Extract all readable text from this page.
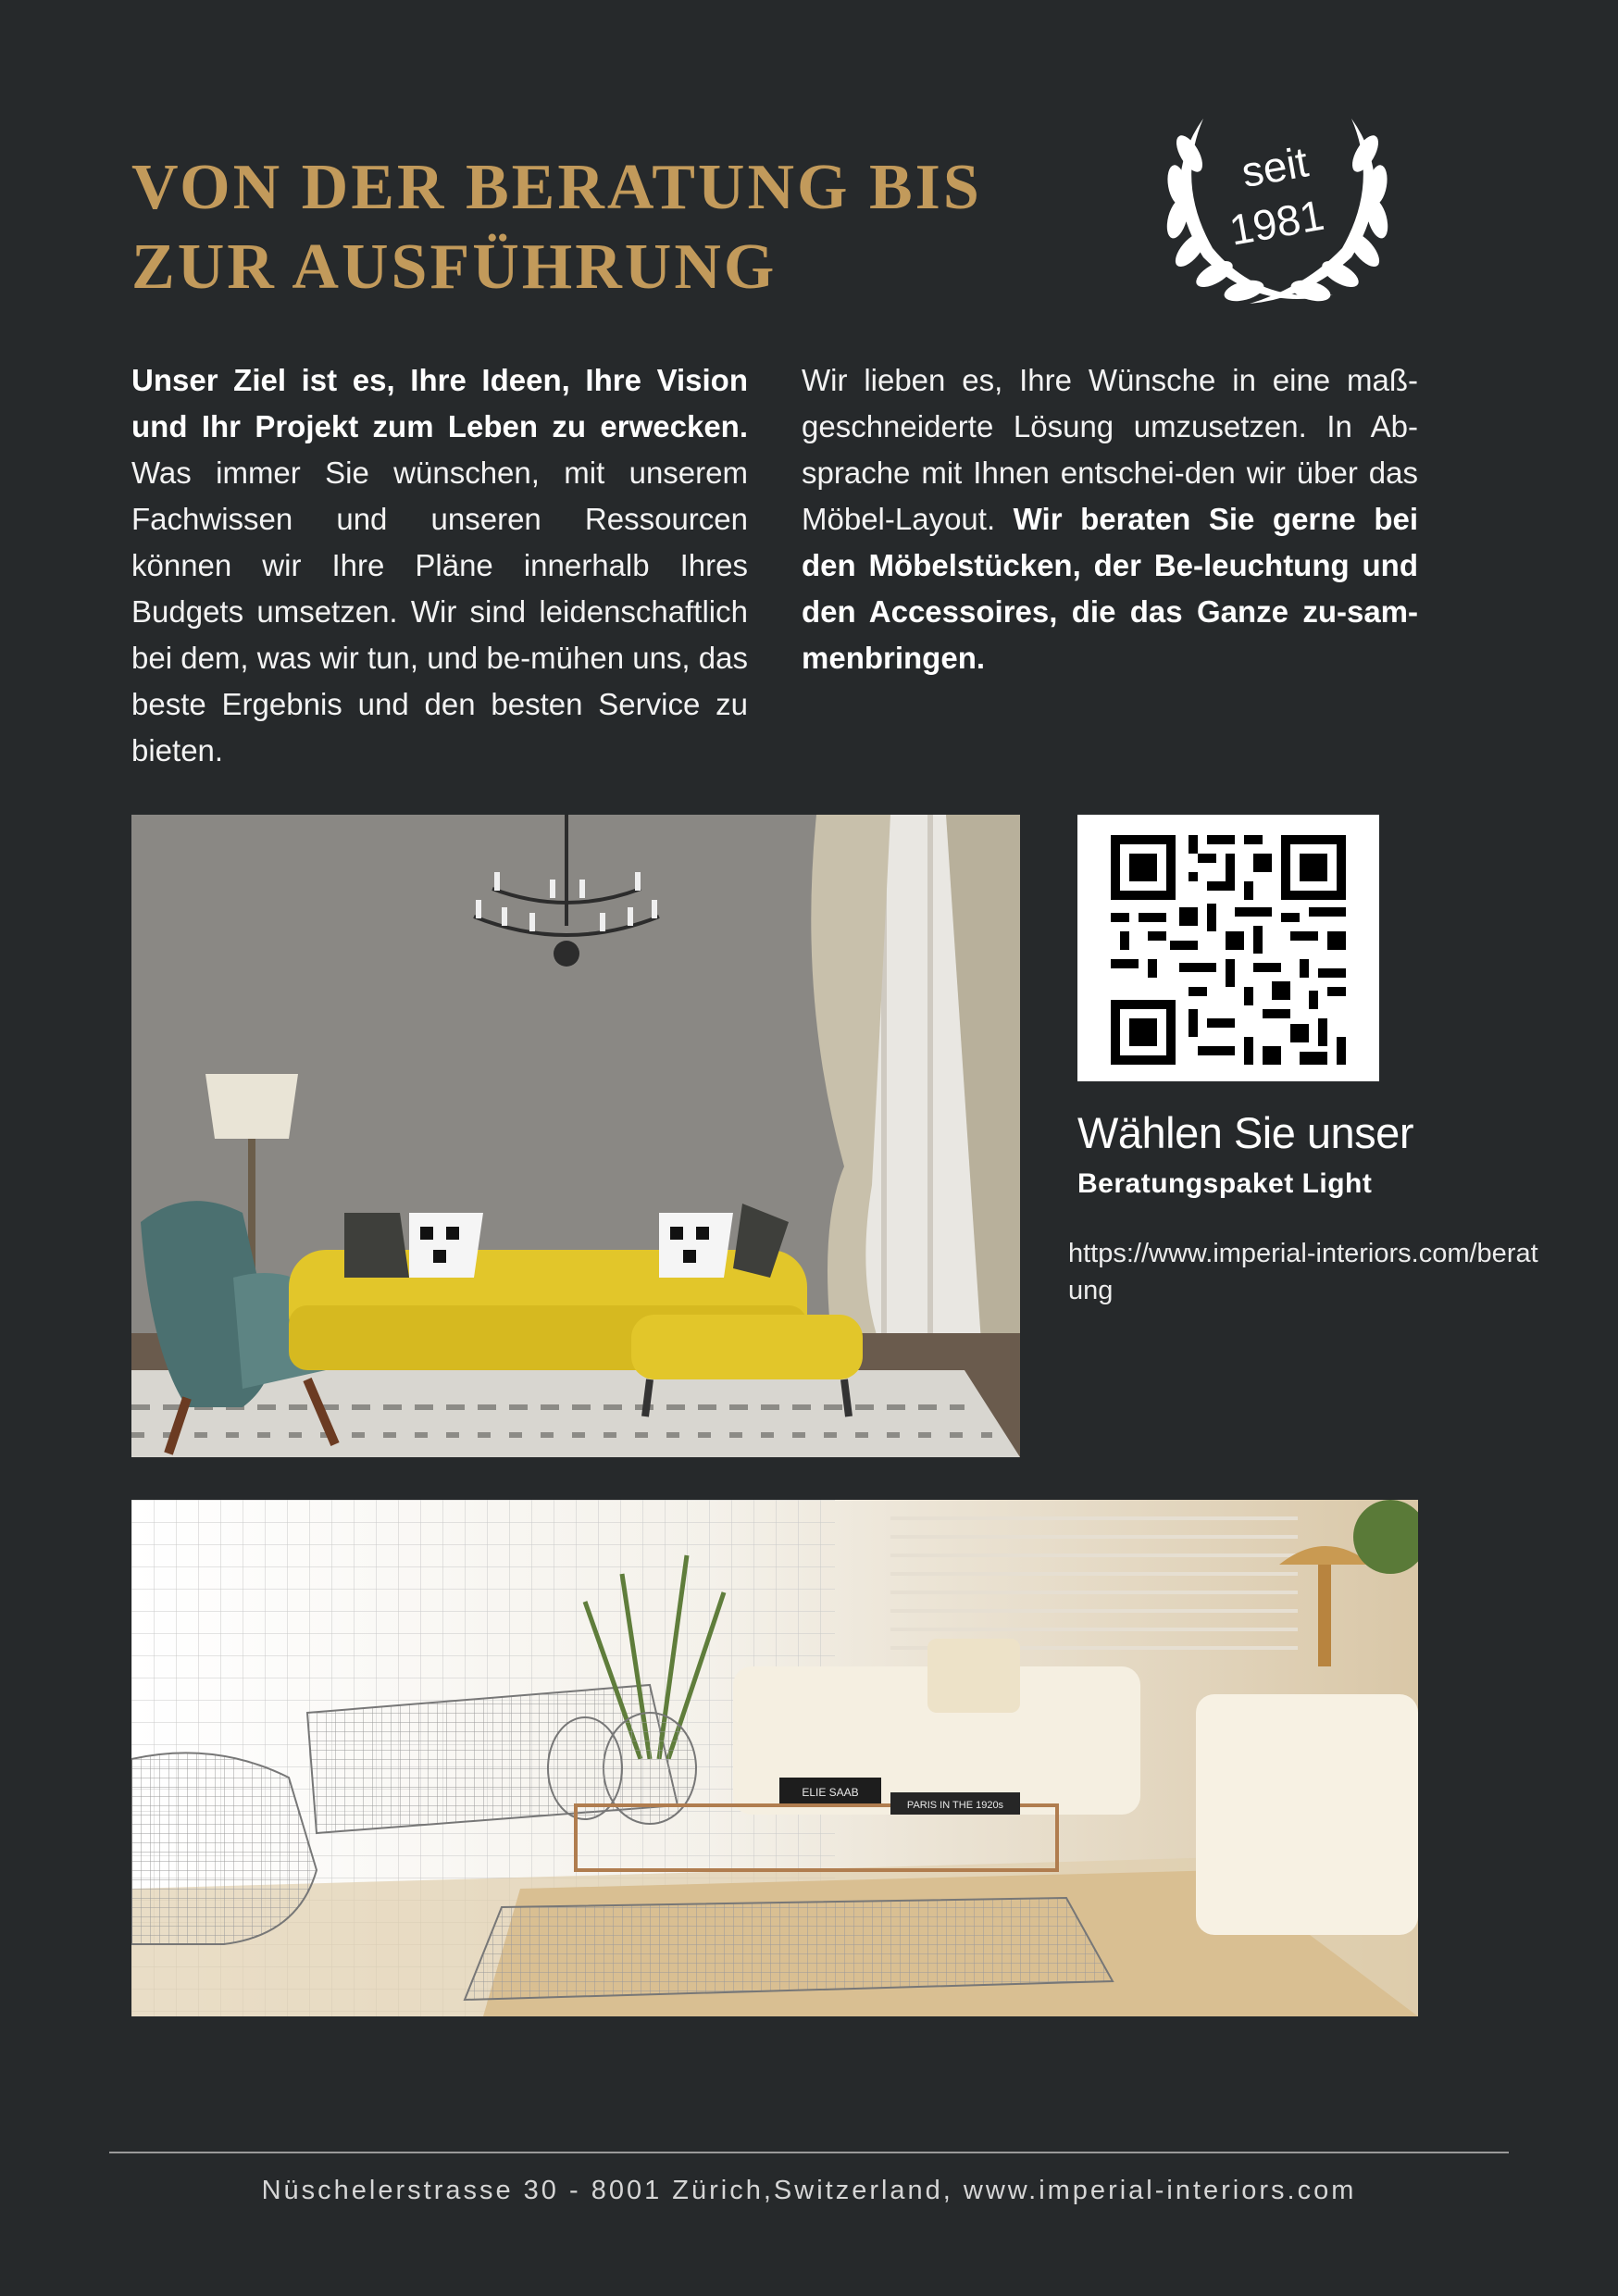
VON DER BERATUNG BIS
ZUR AUSFÜHRUNG
seit
1981
Unser Ziel ist es, Ihre Ideen, Ihre Vision und Ihr Projekt zum Leben zu erwecken. Was immer Sie wünschen, mit unserem Fachwissen und unseren Ressourcen können wir Ihre Pläne innerhalb Ihres Budgets umsetzen. Wir sind leidenschaftlich bei dem, was wir tun, und be-mühen uns, das beste Ergebnis und den besten Service zu bieten.
Wir lieben es, Ihre Wünsche in eine maß-geschneiderte Lösung umzusetzen. In Ab-sprache mit Ihnen entschei-den wir über das Möbel-Layout. Wir beraten Sie gerne bei den Möbelstücken, der Be-leuchtung und den Accessoires, die das Ganze zu-sam-menbringen.
Wählen Sie unser
Beratungspaket Light
https://www.imperial-interiors.com/beratung
ELIE SAAB
PARIS IN THE 1920s
Nüschelerstrasse 30 - 8001 Zürich,Switzerland, www.imperial-interiors.com
